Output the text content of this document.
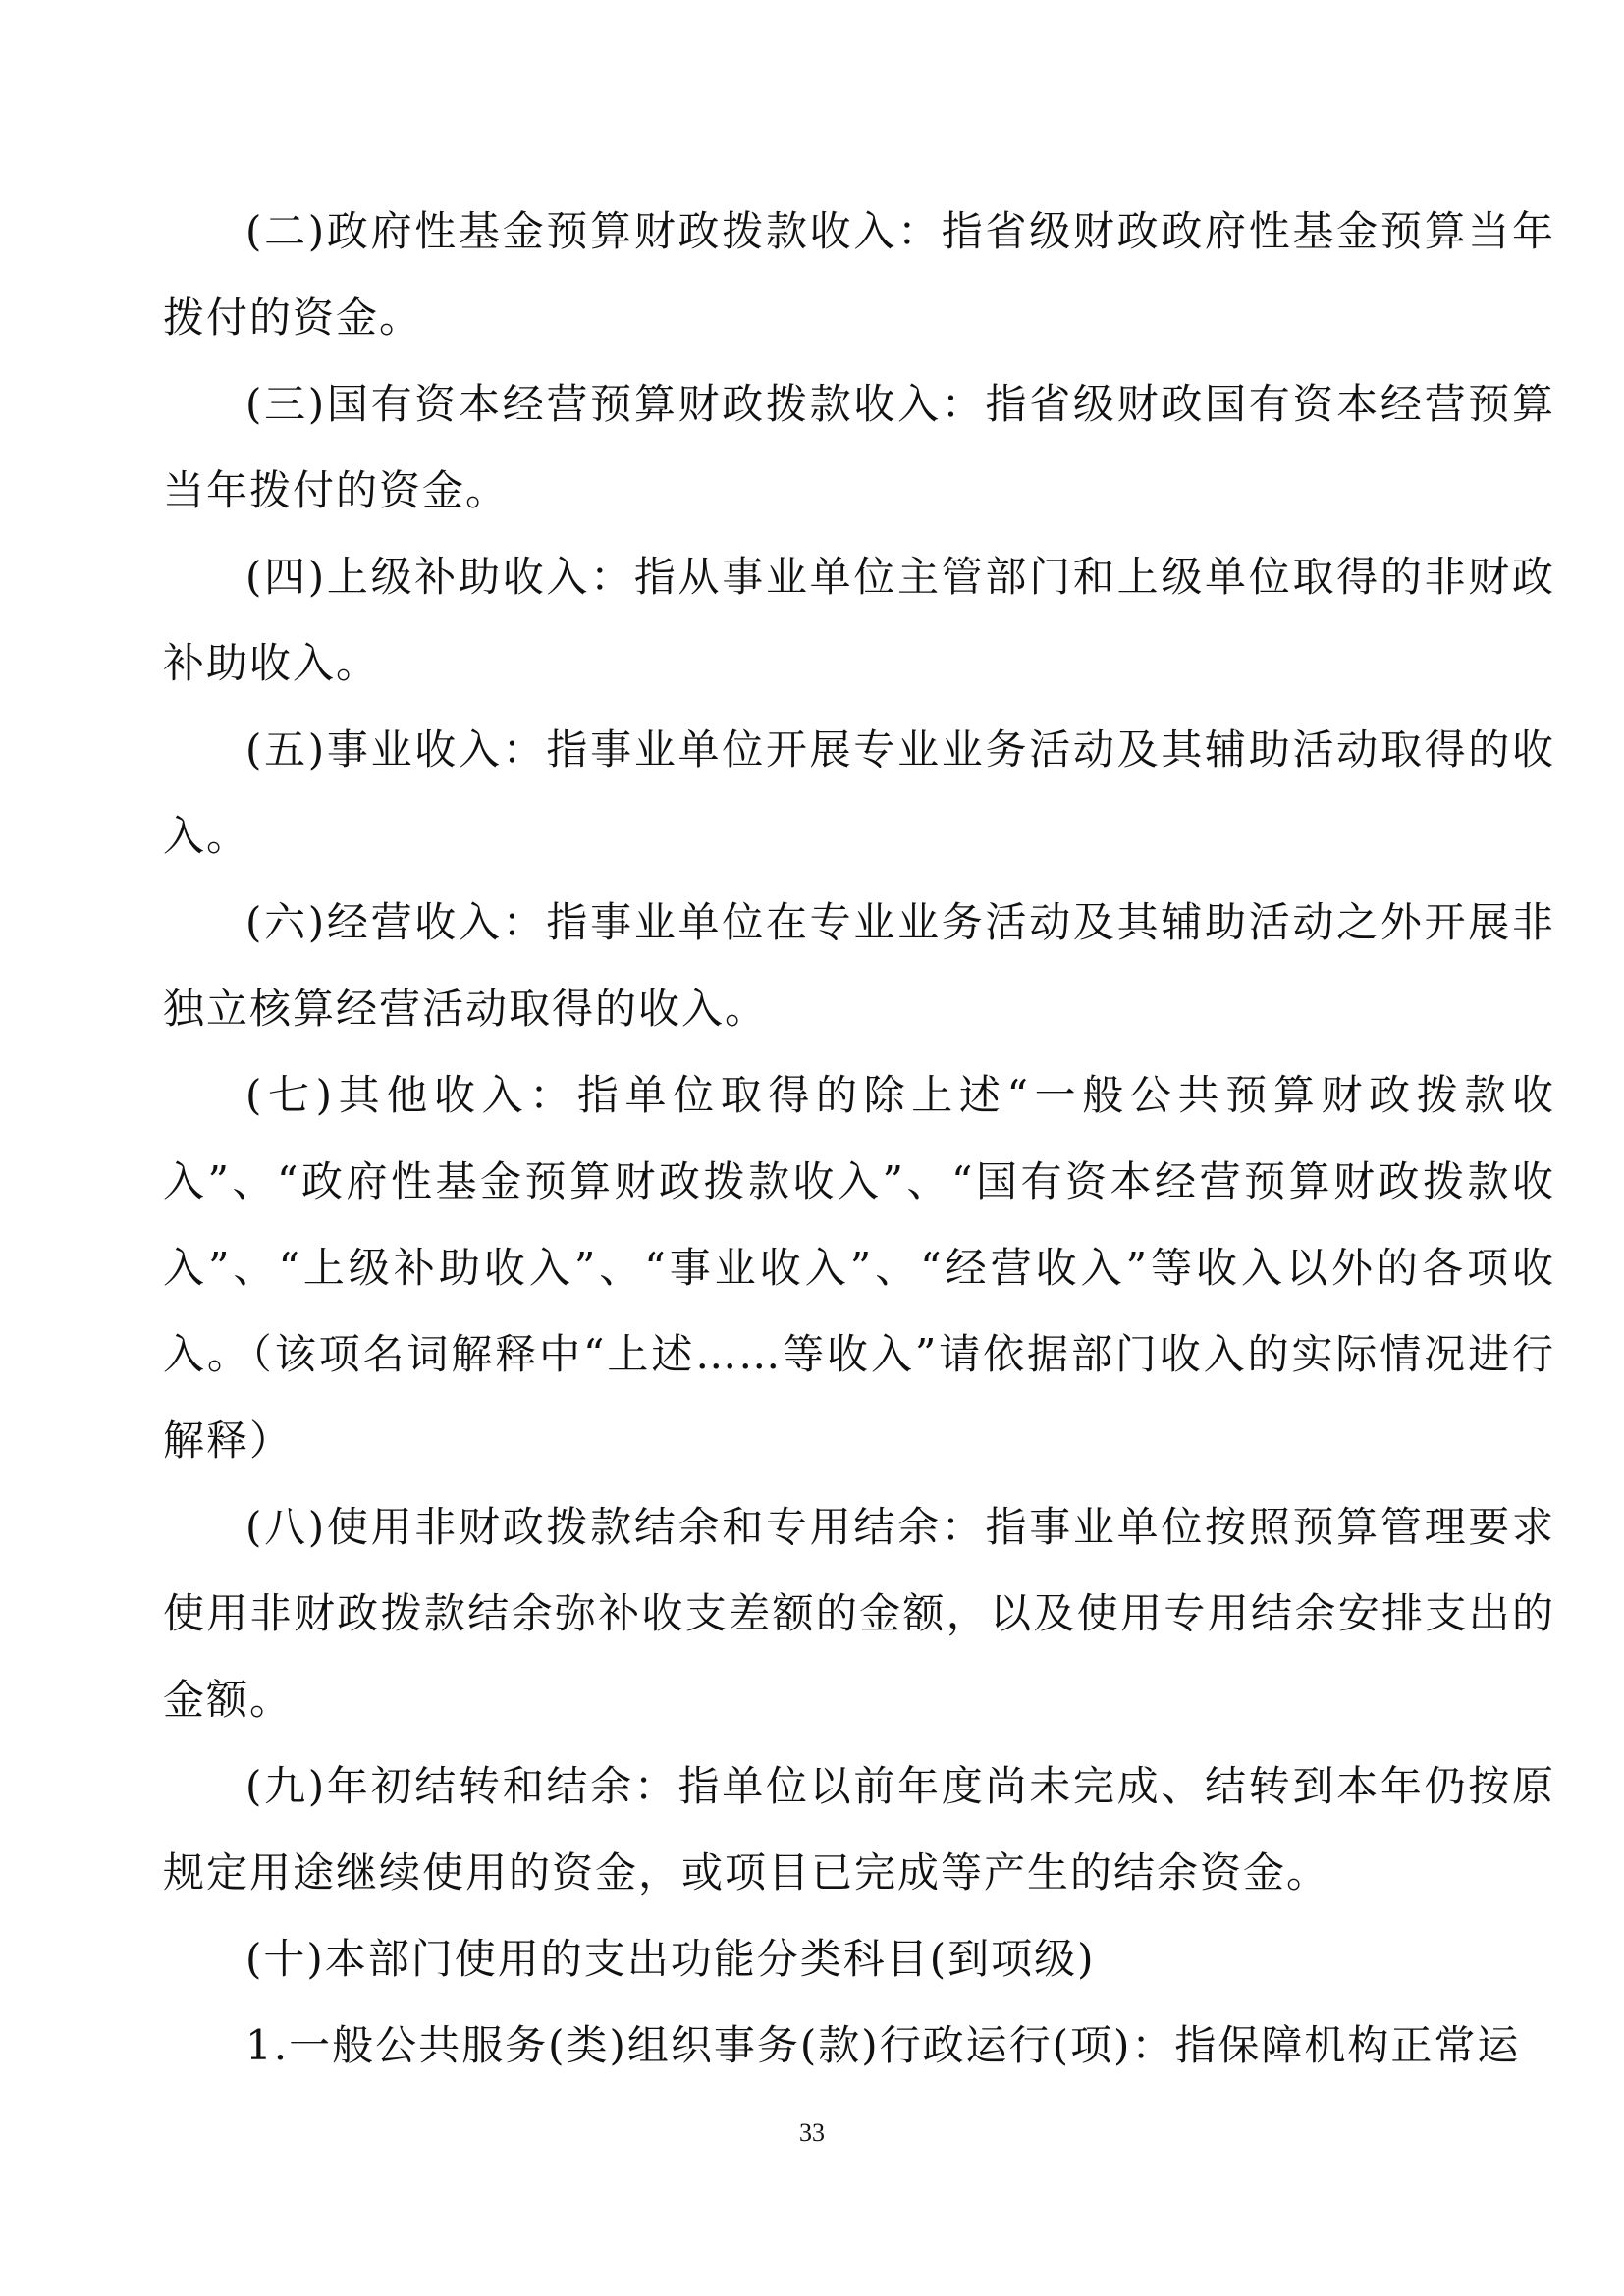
(二)政府性基金预算财政拨款收入：指省级财政政府性基金预算当年拨付的资金。

(三)国有资本经营预算财政拨款收入：指省级财政国有资本经营预算当年拨付的资金。

(四)上级补助收入：指从事业单位主管部门和上级单位取得的非财政补助收入。

(五)事业收入：指事业单位开展专业业务活动及其辅助活动取得的收入。

(六)经营收入：指事业单位在专业业务活动及其辅助活动之外开展非独立核算经营活动取得的收入。

(七)其他收入：指单位取得的除上述“一般公共预算财政拨款收入”、“政府性基金预算财政拨款收入”、“国有资本经营预算财政拨款收入”、“上级补助收入”、“事业收入”、“经营收入”等收入以外的各项收入。（该项名词解释中“上述……等收入”请依据部门收入的实际情况进行解释）

(八)使用非财政拨款结余和专用结余：指事业单位按照预算管理要求使用非财政拨款结余弥补收支差额的金额，以及使用专用结余安排支出的金额。

(九)年初结转和结余：指单位以前年度尚未完成、结转到本年仍按原规定用途继续使用的资金，或项目已完成等产生的结余资金。

(十)本部门使用的支出功能分类科目(到项级)

1.一般公共服务(类)组织事务(款)行政运行(项)：指保障机构正常运

33
